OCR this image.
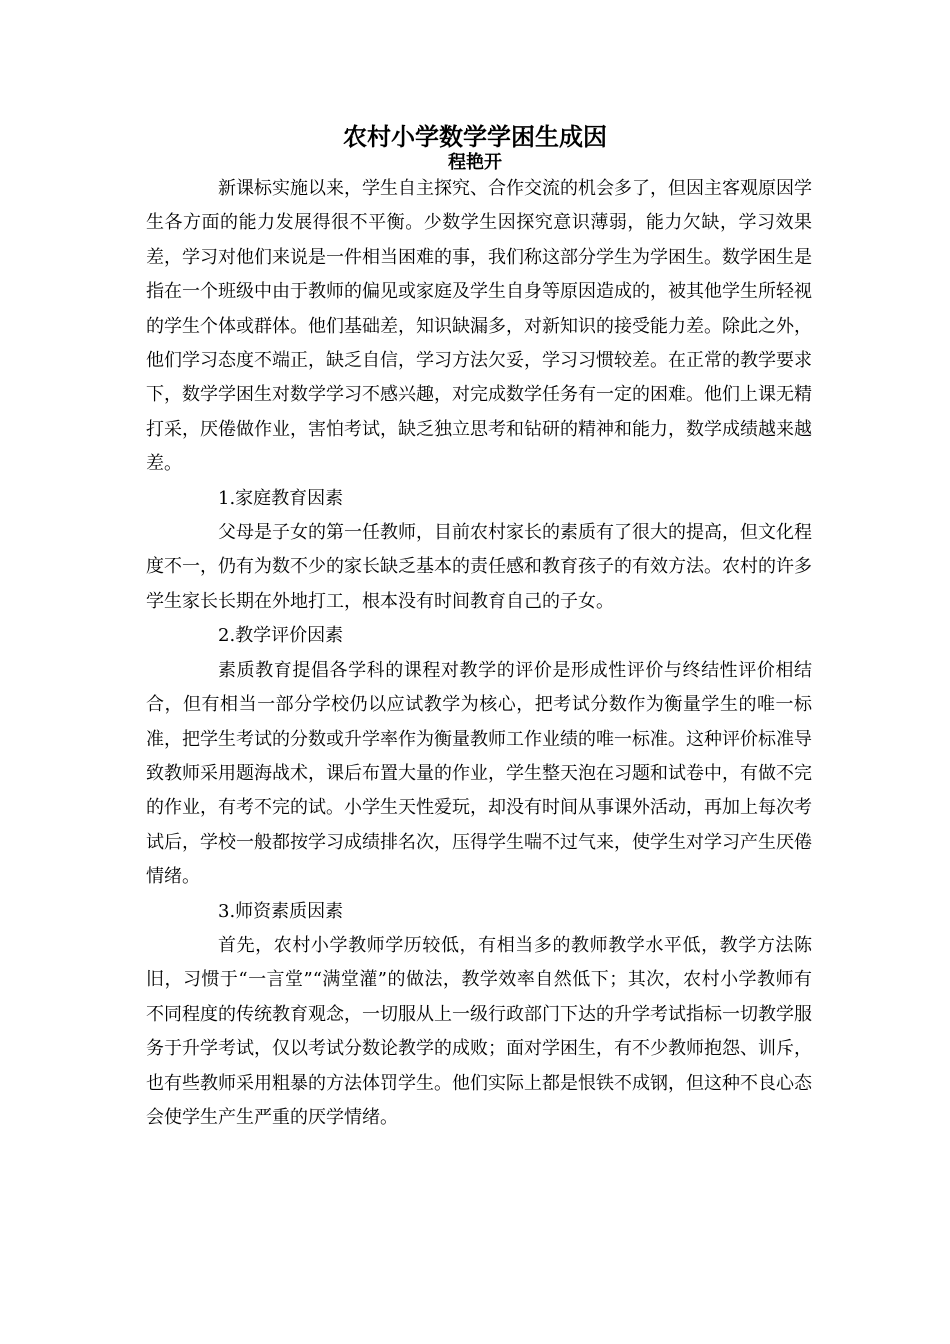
农村小学数学学困生成因
程艳开

新课标实施以来，学生自主探究、合作交流的机会多了，但因主客观原因学生各方面的能力发展得很不平衡。少数学生因探究意识薄弱，能力欠缺，学习效果差，学习对他们来说是一件相当困难的事，我们称这部分学生为学困生。数学困生是指在一个班级中由于教师的偏见或家庭及学生自身等原因造成的，被其他学生所轻视的学生个体或群体。他们基础差，知识缺漏多，对新知识的接受能力差。除此之外，他们学习态度不端正，缺乏自信，学习方法欠妥，学习习惯较差。在正常的教学要求下，数学学困生对数学学习不感兴趣，对完成数学任务有一定的困难。他们上课无精打采，厌倦做作业，害怕考试，缺乏独立思考和钻研的精神和能力，数学成绩越来越差。

1.家庭教育因素

父母是子女的第一任教师，目前农村家长的素质有了很大的提高，但文化程度不一，仍有为数不少的家长缺乏基本的责任感和教育孩子的有效方法。农村的许多学生家长长期在外地打工，根本没有时间教育自己的子女。

2.教学评价因素

素质教育提倡各学科的课程对教学的评价是形成性评价与终结性评价相结合，但有相当一部分学校仍以应试教学为核心，把考试分数作为衡量学生的唯一标准，把学生考试的分数或升学率作为衡量教师工作业绩的唯一标准。这种评价标准导致教师采用题海战术，课后布置大量的作业，学生整天泡在习题和试卷中，有做不完的作业，有考不完的试。小学生天性爱玩，却没有时间从事课外活动，再加上每次考试后，学校一般都按学习成绩排名次，压得学生喘不过气来，使学生对学习产生厌倦情绪。

3.师资素质因素

首先，农村小学教师学历较低，有相当多的教师教学水平低，教学方法陈旧，习惯于“一言堂”“满堂灌”的做法，教学效率自然低下；其次，农村小学教师有不同程度的传统教育观念，一切服从上一级行政部门下达的升学考试指标一切教学服务于升学考试，仅以考试分数论教学的成败；面对学困生，有不少教师抱怨、训斥，也有些教师采用粗暴的方法体罚学生。他们实际上都是恨铁不成钢，但这种不良心态会使学生产生严重的厌学情绪。
